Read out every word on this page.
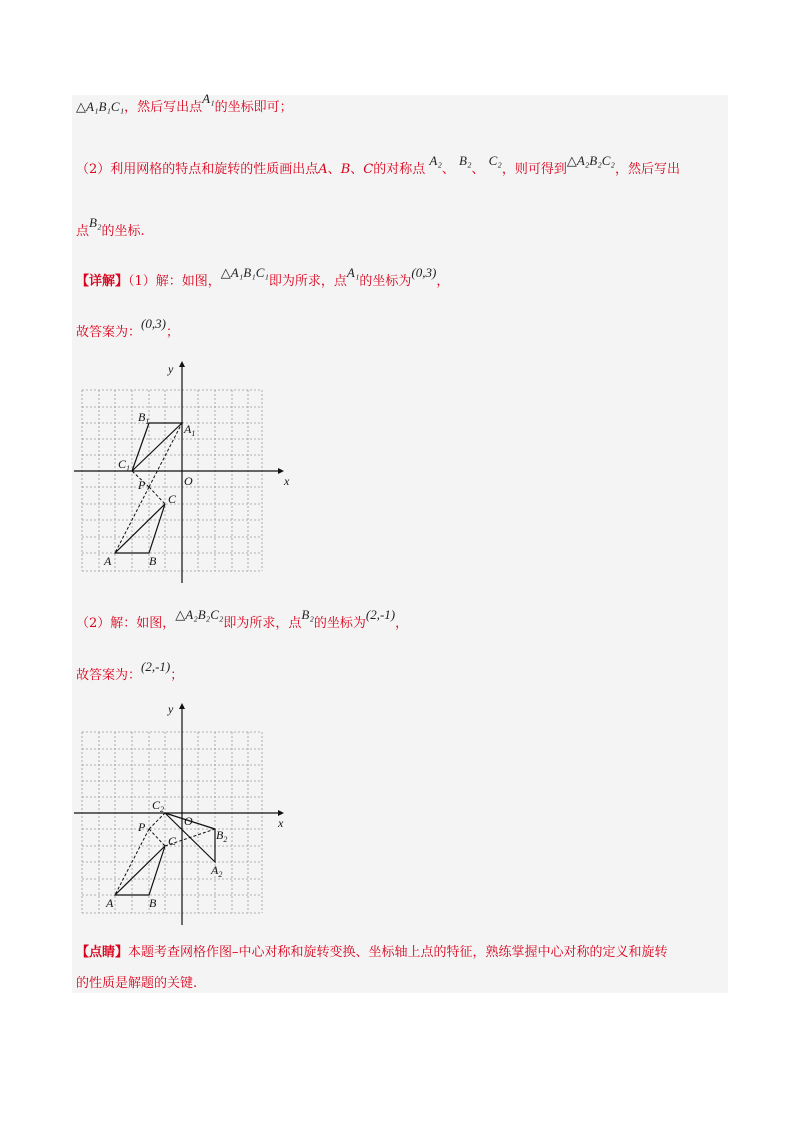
△A₁B₁C₁，然后写出点A₁的坐标即可；
（2）利用网格的特点和旋转的性质画出点A、B、C的对称点 A₂、 B₂、 C₂，则可得到△A₂B₂C₂，然后写出
点B₂的坐标.
【详解】（1）解：如图，△A₁B₁C₁即为所求，点A₁的坐标为(0,3)，
故答案为：(0,3)；
x
y
O
A	B
C
P
$A_1$
$B_1$
$C_1$
（2）解：如图，△A₂B₂C₂即为所求，点B₂的坐标为(2,-1)，
故答案为：(2,-1)；
x
y
O
A	B
C
P
$A_2$
$B_2$
$C_2$
【点睛】本题考查网格作图–中心对称和旋转变换、坐标轴上点的特征，熟练掌握中心对称的定义和旋转
的性质是解题的关键.
